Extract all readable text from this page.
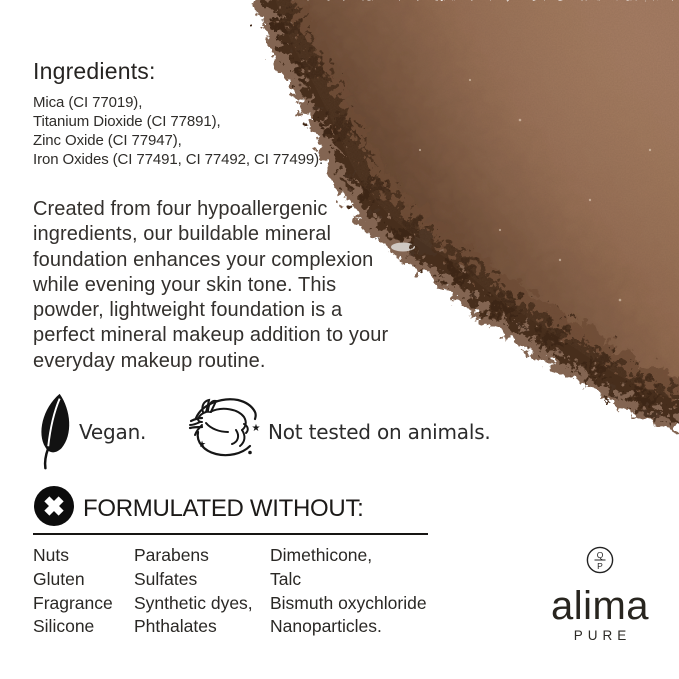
Ingredients:
Mica (CI 77019),
Titanium Dioxide (CI 77891),
Zinc Oxide (CI 77947),
Iron Oxides (CI 77491, CI 77492, CI 77499).
Created from four hypoallergenic
ingredients, our buildable mineral
foundation enhances your complexion
while evening your skin tone. This
powder, lightweight foundation is a
perfect mineral makeup addition to your
everyday makeup routine.
Vegan.	★
★
Not tested on animals.
FORMULATED WITHOUT:
Nuts
Gluten
Fragrance
Silicone
Parabens
Sulfates
Synthetic dyes,
Phthalates
Dimethicone,
Talc
Bismuth oxychloride
Nanoparticles.
Q
P
alima
PURE
